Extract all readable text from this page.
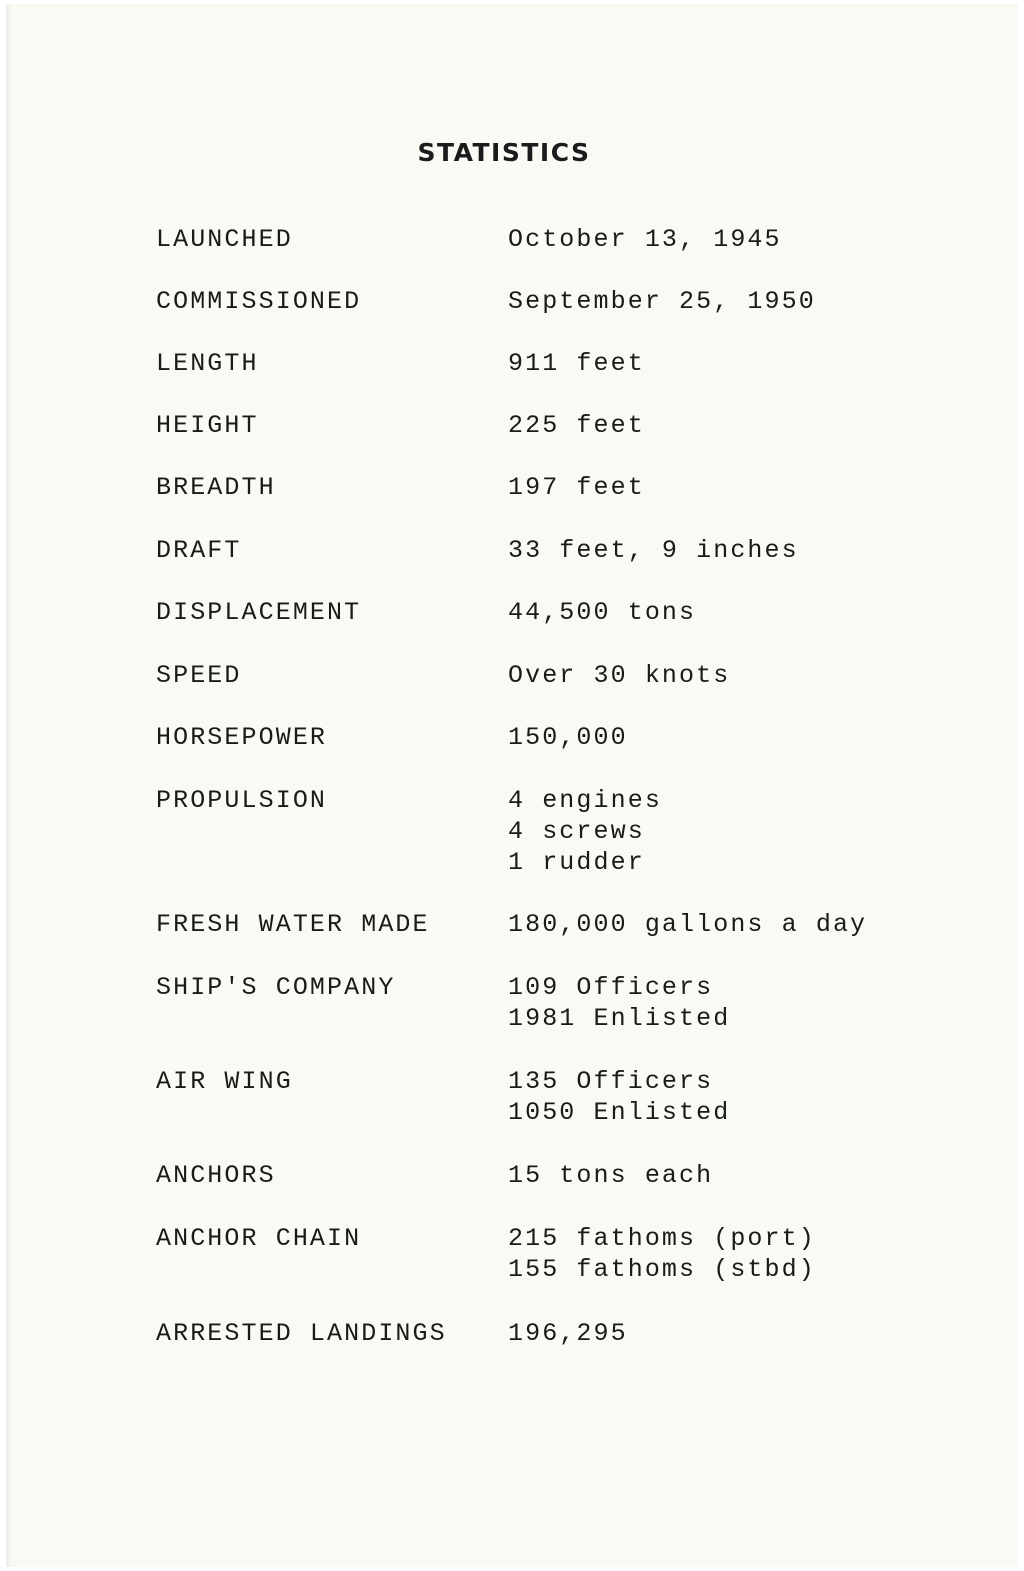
STATISTICS
LAUNCHED	October 13, 1945
COMMISSIONED	September 25, 1950
LENGTH	911 feet
HEIGHT	225 feet
BREADTH	197 feet
DRAFT	33 feet, 9 inches
DISPLACEMENT	44,500 tons
SPEED	Over 30 knots
HORSEPOWER	150,000
PROPULSION	4 engines
4 screws
1 rudder
FRESH WATER MADE	180,000 gallons a day
SHIP'S COMPANY	109 Officers
1981 Enlisted
AIR WING	135 Officers
1050 Enlisted
ANCHORS	15 tons each
ANCHOR CHAIN	215 fathoms (port)
155 fathoms (stbd)
ARRESTED LANDINGS 196,295
